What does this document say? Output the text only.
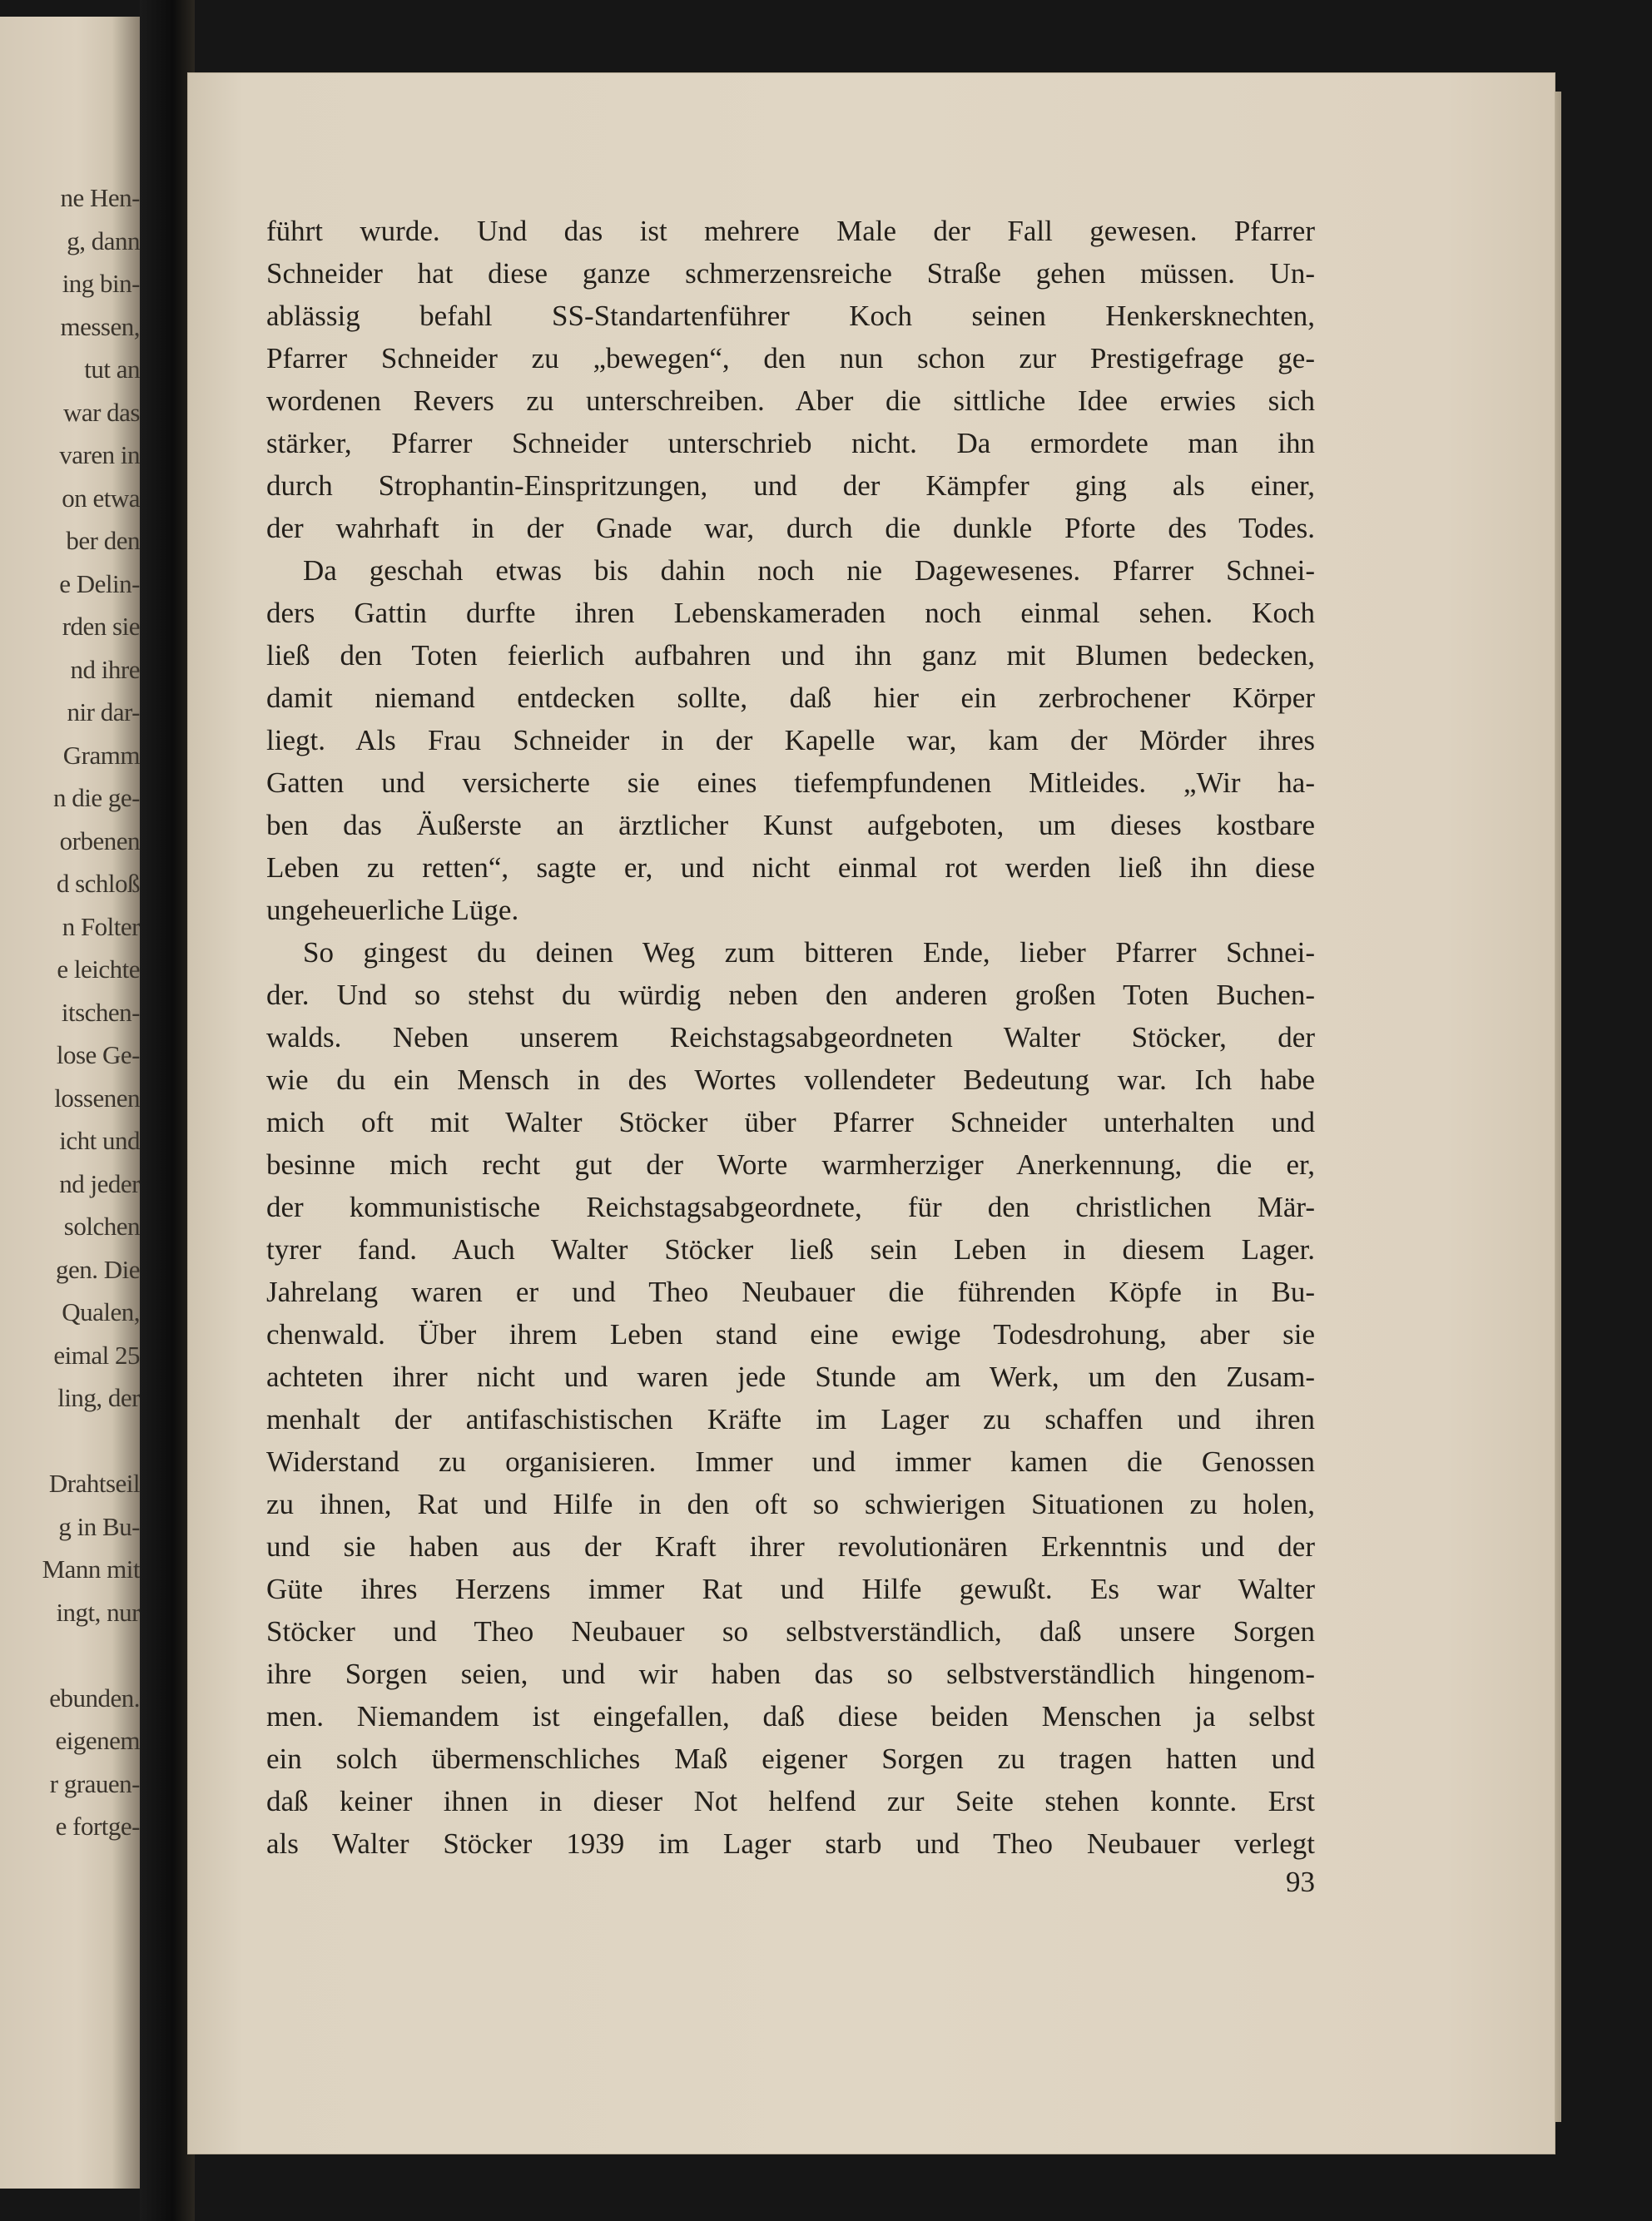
ne Hen-
g, dann
ing bin-
messen,
tut an
war das
varen in
on etwa
ber den
e Delin-
rden sie
nd ihre
nir dar-
Gramm
n die ge-
orbenen
d schloß
n Folter
e leichte
itschen-
lose Ge-
lossenen
icht und
nd jeder
solchen
gen. Die
Qualen,
eimal 25
ling, der
Drahtseil
g in Bu-
Mann mit
ingt, nur
ebunden.
eigenem
r grauen-
e fortge-
führt wurde. Und das ist mehrere Male der Fall gewesen. Pfarrer
Schneider hat diese ganze schmerzensreiche Straße gehen müssen. Un-
ablässig befahl SS-Standartenführer Koch seinen Henkersknechten,
Pfarrer Schneider zu „bewegen“, den nun schon zur Prestigefrage ge-
wordenen Revers zu unterschreiben. Aber die sittliche Idee erwies sich
stärker, Pfarrer Schneider unterschrieb nicht. Da ermordete man ihn
durch Strophantin-Einspritzungen, und der Kämpfer ging als einer,
der wahrhaft in der Gnade war, durch die dunkle Pforte des Todes.
Da geschah etwas bis dahin noch nie Dagewesenes. Pfarrer Schnei-
ders Gattin durfte ihren Lebenskameraden noch einmal sehen. Koch
ließ den Toten feierlich aufbahren und ihn ganz mit Blumen bedecken,
damit niemand entdecken sollte, daß hier ein zerbrochener Körper
liegt. Als Frau Schneider in der Kapelle war, kam der Mörder ihres
Gatten und versicherte sie eines tiefempfundenen Mitleides. „Wir ha-
ben das Äußerste an ärztlicher Kunst aufgeboten, um dieses kostbare
Leben zu retten“, sagte er, und nicht einmal rot werden ließ ihn diese
ungeheuerliche Lüge.
So gingest du deinen Weg zum bitteren Ende, lieber Pfarrer Schnei-
der. Und so stehst du würdig neben den anderen großen Toten Buchen-
walds. Neben unserem Reichstagsabgeordneten Walter Stöcker, der
wie du ein Mensch in des Wortes vollendeter Bedeutung war. Ich habe
mich oft mit Walter Stöcker über Pfarrer Schneider unterhalten und
besinne mich recht gut der Worte warmherziger Anerkennung, die er,
der kommunistische Reichstagsabgeordnete, für den christlichen Mär-
tyrer fand. Auch Walter Stöcker ließ sein Leben in diesem Lager.
Jahrelang waren er und Theo Neubauer die führenden Köpfe in Bu-
chenwald. Über ihrem Leben stand eine ewige Todesdrohung, aber sie
achteten ihrer nicht und waren jede Stunde am Werk, um den Zusam-
menhalt der antifaschistischen Kräfte im Lager zu schaffen und ihren
Widerstand zu organisieren. Immer und immer kamen die Genossen
zu ihnen, Rat und Hilfe in den oft so schwierigen Situationen zu holen,
und sie haben aus der Kraft ihrer revolutionären Erkenntnis und der
Güte ihres Herzens immer Rat und Hilfe gewußt. Es war Walter
Stöcker und Theo Neubauer so selbstverständlich, daß unsere Sorgen
ihre Sorgen seien, und wir haben das so selbstverständlich hingenom-
men. Niemandem ist eingefallen, daß diese beiden Menschen ja selbst
ein solch übermenschliches Maß eigener Sorgen zu tragen hatten und
daß keiner ihnen in dieser Not helfend zur Seite stehen konnte. Erst
als Walter Stöcker 1939 im Lager starb und Theo Neubauer verlegt
93
